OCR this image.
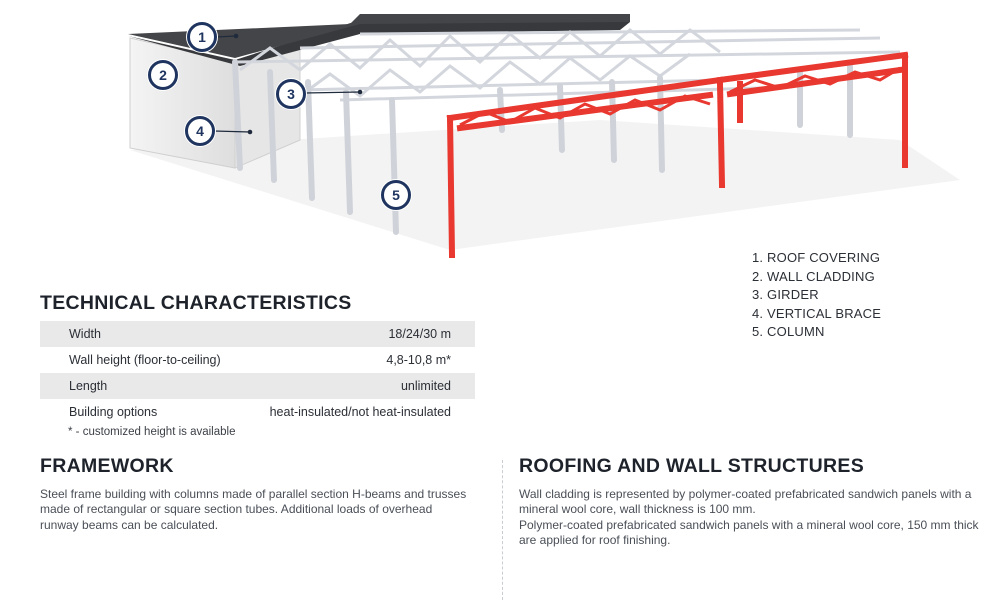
1
2
3
4
5
1. ROOF COVERING
2. WALL CLADDING
3. GIRDER
4. VERTICAL BRACE
5. COLUMN
TECHNICAL CHARACTERISTICS
Width	18/24/30 m
Wall height (floor-to-ceiling)	4,8-10,8 m*
Length	unlimited
Building options	heat-insulated/not heat-insulated
* - customized height is available
FRAMEWORK
Steel frame building with columns made of parallel section H-beams and trusses made of rectangular or square section tubes. Additional loads of overhead runway beams can be calculated.
ROOFING AND WALL STRUCTURES
Wall cladding is represented by polymer-coated prefabricated sandwich panels with a mineral wool core, wall thickness is 100 mm.
Polymer-coated prefabricated sandwich panels with a mineral wool core, 150 mm thick are applied for roof finishing.
